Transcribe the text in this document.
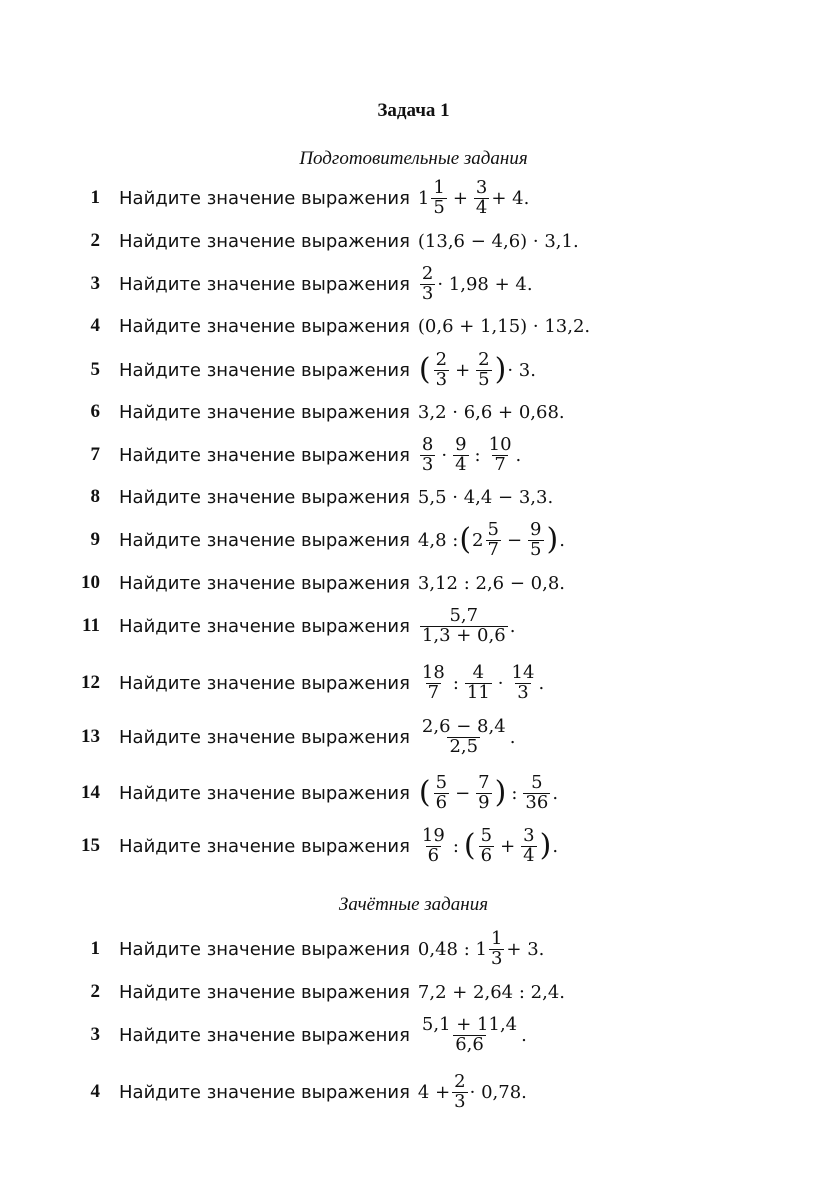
Задача 1
Подготовительные задания
1 Найдите значение выражения $1 \frac{1}{5} + \frac{3}{4} + 4$.
2 Найдите значение выражения (13,6 − 4,6) · 3,1.
3 Найдите значение выражения $\frac{2}{3} \cdot 1,98 + 4$.
4 Найдите значение выражения (0,6 + 1,15) · 13,2.
5 Найдите значение выражения ( $\frac{2}{3} + \frac{2}{5}$ ) · 3.
6 Найдите значение выражения 3,2 · 6,6 + 0,68.
7 Найдите значение выражения $\frac{8}{3} \cdot \frac{9}{4}$ : $\frac{10}{7}$ .
8 Найдите значение выражения 5,5 · 4,4 − 3,3.
9 Найдите значение выражения 4,8 : ( $2 \frac{5}{7} - \frac{9}{5}$ ) .
10 Найдите значение выражения 3,12 : 2,6 − 0,8.
11 Найдите значение выражения $\frac{5,7}{1,3 + 0,6}$ .
12 Найдите значение выражения $\frac{18}{7}$ : $\frac{4}{11} \cdot \frac{14}{3}$ .
13 Найдите значение выражения $\frac{2,6 - 8,4}{2,5}$ .
14 Найдите значение выражения ( $\frac{5}{6} - \frac{7}{9}$ ) : $\frac{5}{36}$ .
15 Найдите значение выражения $\frac{19}{6}$ : ( $\frac{5}{6} + \frac{3}{4}$ ) .
Зачётные задания
1 Найдите значение выражения 0,48 : $1 \frac{1}{3} + 3$.
2 Найдите значение выражения 7,2 + 2,64 : 2,4.
3 Найдите значение выражения $\frac{5,1 + 11,4}{6,6}$ .
4 Найдите значение выражения $4 + \frac{2}{3} \cdot 0,78$.
